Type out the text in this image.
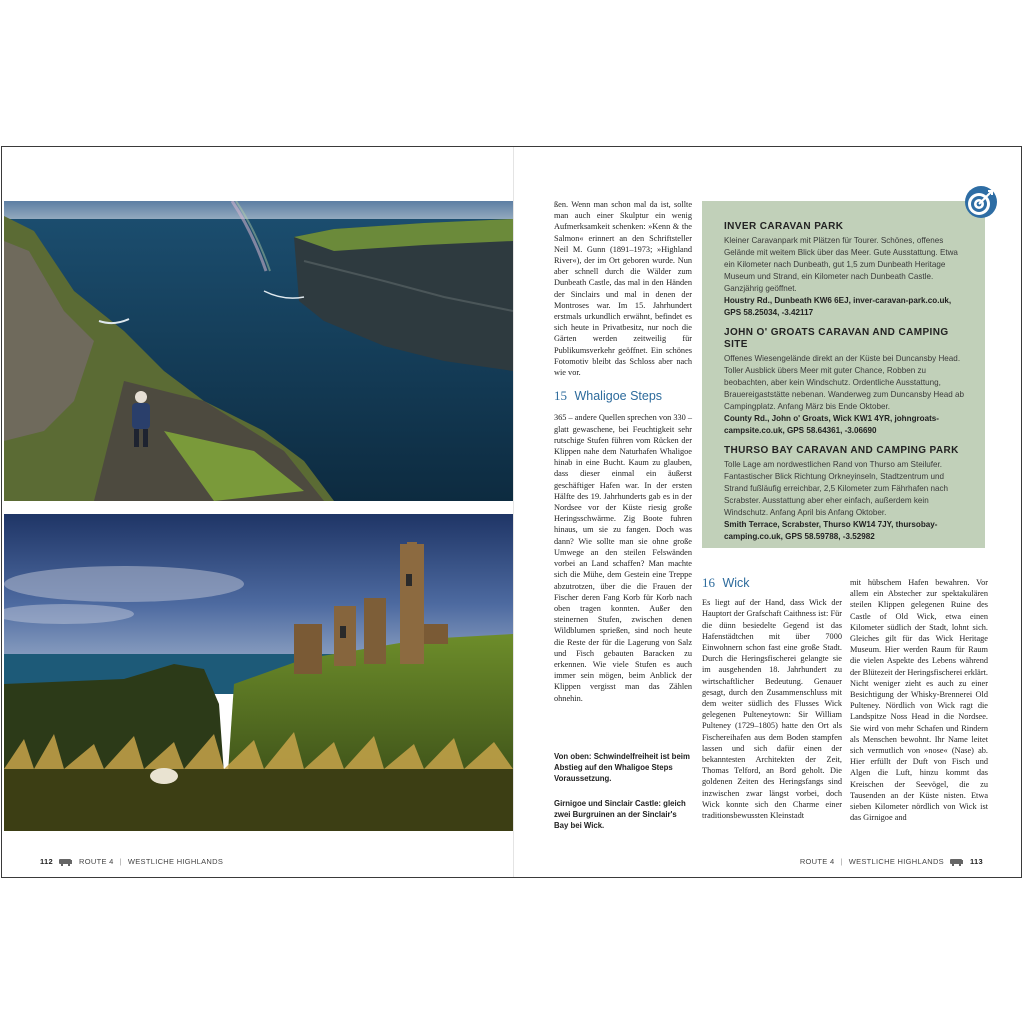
ßen. Wenn man schon mal da ist, sollte man auch einer Skulptur ein wenig Aufmerksamkeit schenken: »Kenn & the Salmon« erinnert an den Schriftsteller Neil M. Gunn (1891–1973; »Highland River«), der im Ort geboren wurde. Nun aber schnell durch die Wälder zum Dunbeath Castle, das mal in den Händen der Sinclairs und mal in denen der Montroses war. Im 15. Jahrhundert erstmals urkundlich erwähnt, befindet es sich heute in Privatbesitz, nur noch die Gärten werden zeitweilig für Publikumsverkehr geöffnet. Ein schönes Fotomotiv bleibt das Schloss aber nach wie vor.

15 Whaligoe Steps

365 – andere Quellen sprechen von 330 – glatt gewaschene, bei Feuchtigkeit sehr rutschige Stufen führen vom Rücken der Klippen nahe dem Naturhafen Whaligoe hinab in eine Bucht. Kaum zu glauben, dass dieser einmal ein äußerst geschäftiger Hafen war. In der ersten Hälfte des 19. Jahrhunderts gab es in der Nordsee vor der Küste riesig große Heringsschwärme. Zig Boote fuhren hinaus, um sie zu fangen. Doch was dann? Wie sollte man sie ohne große Umwege an den steilen Felswänden vorbei an Land schaffen? Man machte sich die Mühe, dem Gestein eine Treppe abzutrotzen, über die die Frauen der Fischer deren Fang Korb für Korb nach oben tragen konnten. Außer den steinernen Stufen, zwischen denen Wildblumen sprießen, sind noch heute die Reste der für die Lagerung von Salz und Fisch gebauten Baracken zu erkennen. Wie viele Stufen es auch immer sein mögen, beim Anblick der Klippen vergisst man das Zählen ohnehin.

Von oben: Schwindelfreiheit ist beim Abstieg auf den Whaligoe Steps Voraussetzung.
Girnigoe und Sinclair Castle: gleich zwei Burgruinen an der Sinclair's Bay bei Wick.
INVER CARAVAN PARK
Kleiner Caravanpark mit Plätzen für Tourer. Schönes, offenes Gelände mit weitem Blick über das Meer. Gute Ausstattung. Etwa ein Kilometer nach Dunbeath, gut 1,5 zum Dunbeath Heritage Museum und Strand, ein Kilometer nach Dunbeath Castle. Ganzjährig geöffnet.
Houstry Rd., Dunbeath KW6 6EJ, inver-caravan-park.co.uk, GPS 58.25034, -3.42117
JOHN O' GROATS CARAVAN AND CAMPING SITE
Offenes Wiesengelände direkt an der Küste bei Duncansby Head. Toller Ausblick übers Meer mit guter Chance, Robben zu beobachten, aber kein Windschutz. Ordentliche Ausstattung, Brauereigaststätte nebenan. Wanderweg zum Duncansby Head ab Campingplatz. Anfang März bis Ende Oktober.
County Rd., John o' Groats, Wick KW1 4YR, johngroats-campsite.co.uk, GPS 58.64361, -3.06690
THURSO BAY CARAVAN AND CAMPING PARK
Tolle Lage am nordwestlichen Rand von Thurso am Steilufer. Fantastischer Blick Richtung Orkneyinseln, Stadtzentrum und Strand fußläufig erreichbar, 2,5 Kilometer zum Fährhafen nach Scrabster. Ausstattung aber eher einfach, außerdem kein Windschutz. Anfang April bis Anfang Oktober.
Smith Terrace, Scrabster, Thurso KW14 7JY, thursobay-camping.co.uk, GPS 58.59788, -3.52982

16 Wick

Es liegt auf der Hand, dass Wick der Hauptort der Grafschaft Caithness ist: Für die dünn besiedelte Gegend ist das Hafenstädtchen mit über 7000 Einwohnern schon fast eine große Stadt. Durch die Heringsfischerei gelangte sie im ausgehenden 18. Jahrhundert zu wirtschaftlicher Bedeutung. Genauer gesagt, durch den Zusammenschluss mit dem weiter südlich des Flusses Wick gelegenen Pulteneytown: Sir William Pulteney (1729–1805) hatte den Ort als Fischereihafen aus dem Boden stampfen lassen und sich dafür einen der bekanntesten Architekten der Zeit, Thomas Telford, an Bord geholt. Die goldenen Zeiten des Heringsfangs sind inzwischen zwar längst vorbei, doch Wick konnte sich den Charme einer traditionsbewussten Kleinstadt

mit hübschem Hafen bewahren. Vor allem ein Abstecher zur spektakulären steilen Klippen gelegenen Ruine des Castle of Old Wick, etwa einen Kilometer südlich der Stadt, lohnt sich. Gleiches gilt für das Wick Heritage Museum. Hier werden Raum für Raum die vielen Aspekte des Lebens während der Blütezeit der Heringsfischerei erklärt. Nicht weniger zieht es auch zu einer Besichtigung der Whisky-Brennerei Old Pulteney. Nördlich von Wick ragt die Landspitze Noss Head in die Nordsee. Sie wird von mehr Schafen und Rindern als Menschen bewohnt. Ihr Name leitet sich vermutlich von »nose« (Nase) ab. Hier erfüllt der Duft von Fisch und Algen die Luft, hinzu kommt das Kreischen der Seevögel, die zu Tausenden an der Küste nisten. Etwa sieben Kilometer nördlich von Wick ist das Girnigoe and

112	ROUTE 4 | WESTLICHE HIGHLANDS	ROUTE 4 | WESTLICHE HIGHLANDS	113
